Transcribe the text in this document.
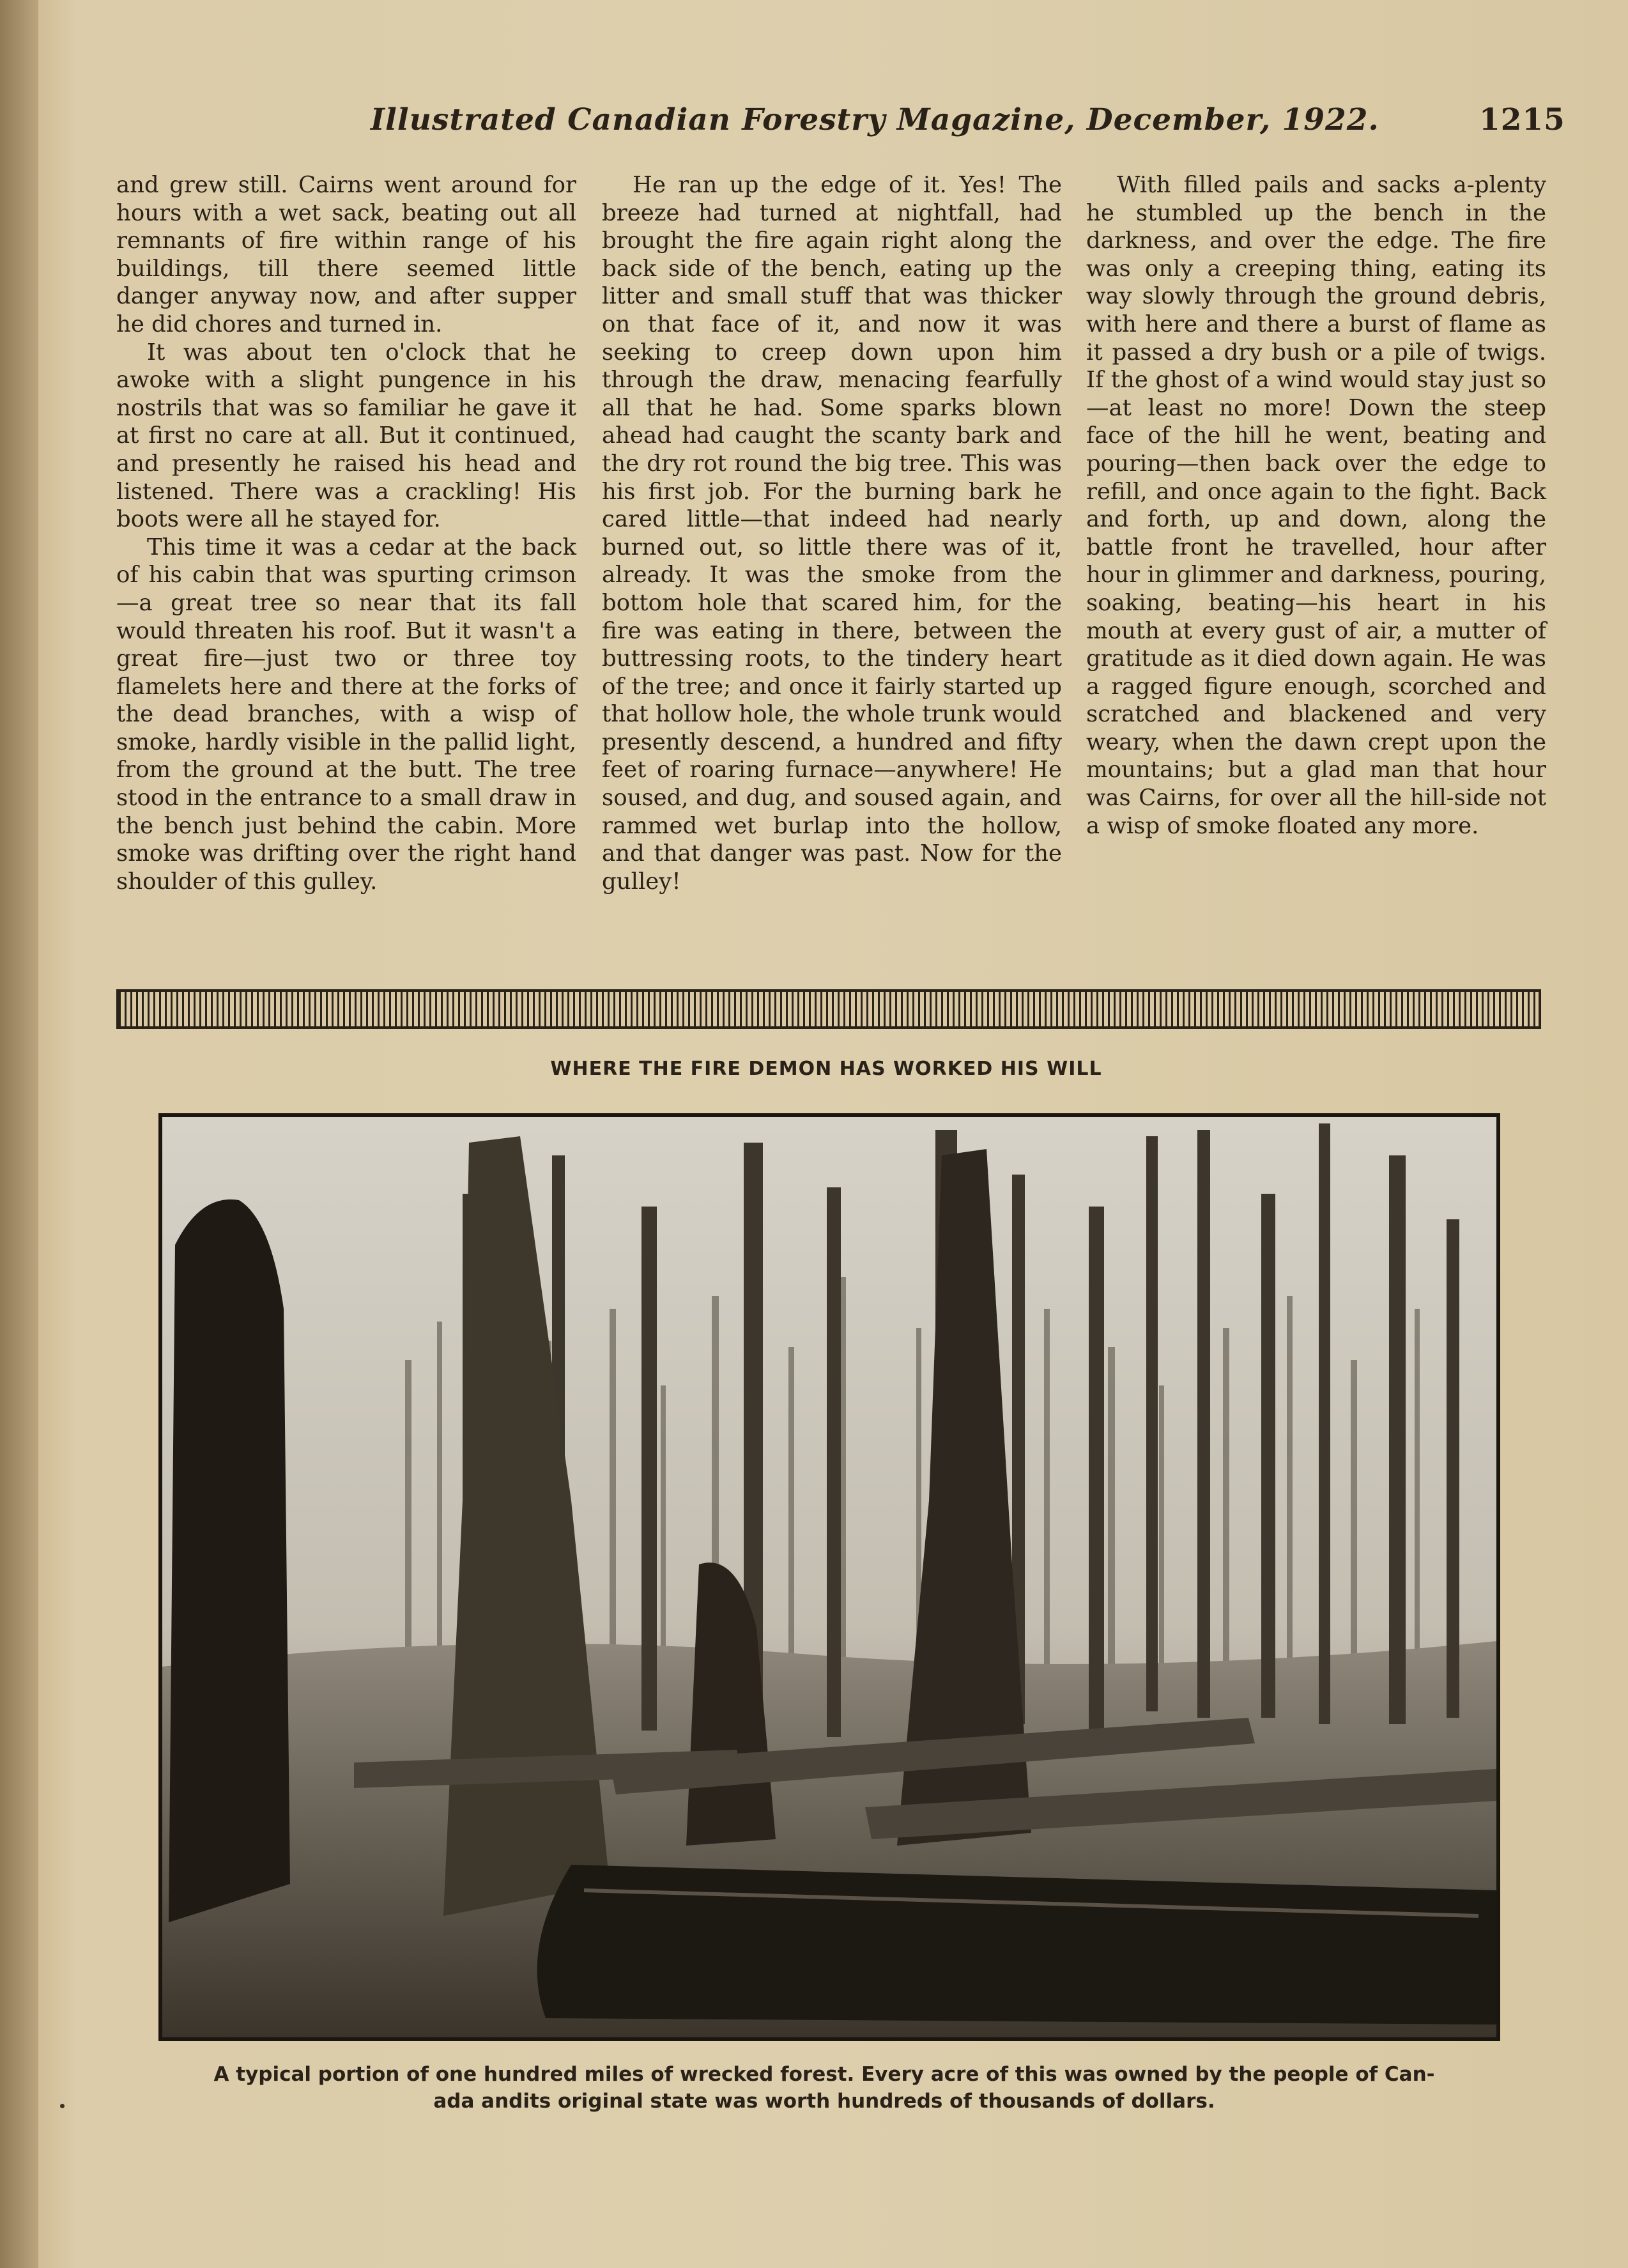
Illustrated Canadian Forestry Magazine, December, 1922.	1215

and grew still. Cairns went around for hours with a wet sack, beating out all remnants of fire within range of his buildings, till there seemed little danger anyway now, and after supper he did chores and turned in.

It was about ten o'clock that he awoke with a slight pungence in his nostrils that was so familiar he gave it at first no care at all. But it continued, and presently he raised his head and listened. There was a crackling! His boots were all he stayed for.

This time it was a cedar at the back of his cabin that was spurting crimson—a great tree so near that its fall would threaten his roof. But it wasn't a great fire—just two or three toy flamelets here and there at the forks of the dead branches, with a wisp of smoke, hardly visible in the pallid light, from the ground at the butt. The tree stood in the entrance to a small draw in the bench just behind the cabin. More smoke was drifting over the right hand shoulder of this gulley.

He ran up the edge of it. Yes! The breeze had turned at nightfall, had brought the fire again right along the back side of the bench, eating up the litter and small stuff that was thicker on that face of it, and now it was seeking to creep down upon him through the draw, menacing fearfully all that he had. Some sparks blown ahead had caught the scanty bark and the dry rot round the big tree. This was his first job. For the burning bark he cared little—that indeed had nearly burned out, so little there was of it, already. It was the smoke from the bottom hole that scared him, for the fire was eating in there, between the buttressing roots, to the tindery heart of the tree; and once it fairly started up that hollow hole, the whole trunk would presently descend, a hundred and fifty feet of roaring furnace—anywhere! He soused, and dug, and soused again, and rammed wet burlap into the hollow, and that danger was past. Now for the gulley!

With filled pails and sacks a-plenty he stumbled up the bench in the darkness, and over the edge. The fire was only a creeping thing, eating its way slowly through the ground debris, with here and there a burst of flame as it passed a dry bush or a pile of twigs. If the ghost of a wind would stay just so—at least no more! Down the steep face of the hill he went, beating and pouring—then back over the edge to refill, and once again to the fight. Back and forth, up and down, along the battle front he travelled, hour after hour in glimmer and darkness, pouring, soaking, beating—his heart in his mouth at every gust of air, a mutter of gratitude as it died down again. He was a ragged figure enough, scorched and scratched and blackened and very weary, when the dawn crept upon the mountains; but a glad man that hour was Cairns, for over all the hill-side not a wisp of smoke floated any more.

WHERE THE FIRE DEMON HAS WORKED HIS WILL
A typical portion of one hundred miles of wrecked forest. Every acre of this was owned by the people of Can-
ada andits original state was worth hundreds of thousands of dollars.
